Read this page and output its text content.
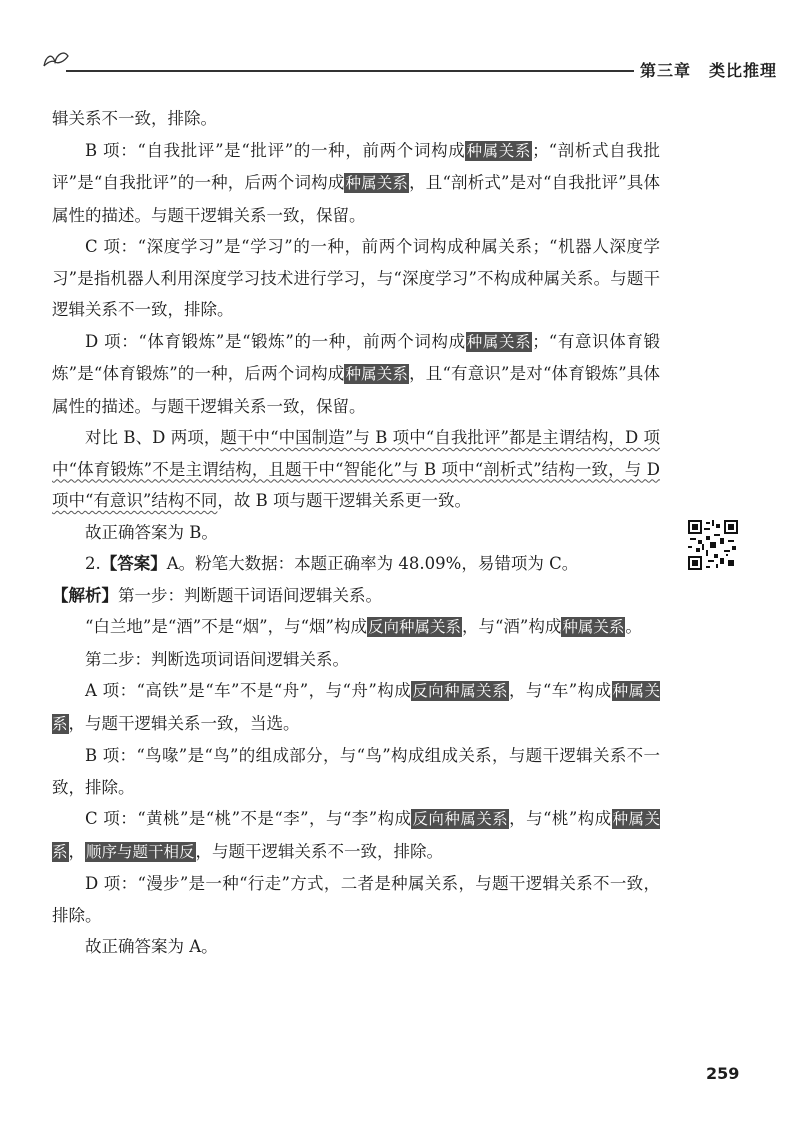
第三章 类比推理

辑关系不一致，排除。

B 项：“自我批评”是“批评”的一种，前两个词构成种属关系；“剖析式自我批评”是“自我批评”的一种，后两个词构成种属关系，且“剖析式”是对“自我批评”具体属性的描述。与题干逻辑关系一致，保留。

C 项：“深度学习”是“学习”的一种，前两个词构成种属关系；“机器人深度学习”是指机器人利用深度学习技术进行学习，与“深度学习”不构成种属关系。与题干逻辑关系不一致，排除。

D 项：“体育锻炼”是“锻炼”的一种，前两个词构成种属关系；“有意识体育锻炼”是“体育锻炼”的一种，后两个词构成种属关系，且“有意识”是对“体育锻炼”具体属性的描述。与题干逻辑关系一致，保留。

对比 B、D 两项，题干中“中国制造”与 B 项中“自我批评”都是主谓结构，D 项中“体育锻炼”不是主谓结构，且题干中“智能化”与 B 项中“剖析式”结构一致，与 D 项中“有意识”结构不同，故 B 项与题干逻辑关系更一致。

故正确答案为 B。

2.【答案】A。粉笔大数据：本题正确率为 48.09%，易错项为 C。

【解析】第一步：判断题干词语间逻辑关系。

“白兰地”是“酒”不是“烟”，与“烟”构成反向种属关系，与“酒”构成种属关系。

第二步：判断选项词语间逻辑关系。

A 项：“高铁”是“车”不是“舟”，与“舟”构成反向种属关系，与“车”构成种属关系，与题干逻辑关系一致，当选。

B 项：“鸟喙”是“鸟”的组成部分，与“鸟”构成组成关系，与题干逻辑关系不一致，排除。

C 项：“黄桃”是“桃”不是“李”，与“李”构成反向种属关系，与“桃”构成种属关系，顺序与题干相反，与题干逻辑关系不一致，排除。

D 项：“漫步”是一种“行走”方式，二者是种属关系，与题干逻辑关系不一致，排除。

故正确答案为 A。

259
